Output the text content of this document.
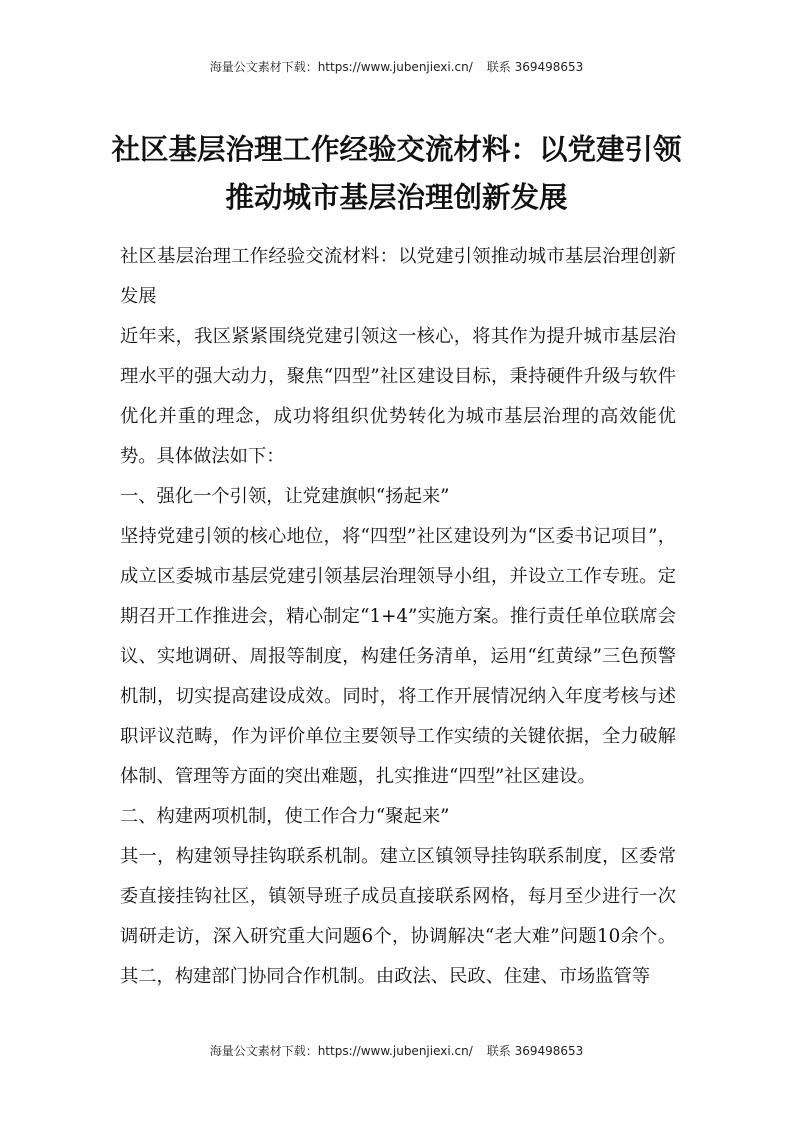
海量公文素材下载：https://www.jubenjiexi.cn/ 联系 369498653
社区基层治理工作经验交流材料：以党建引领推动城市基层治理创新发展

社区基层治理工作经验交流材料：以党建引领推动城市基层治理创新发展

近年来，我区紧紧围绕党建引领这一核心，将其作为提升城市基层治理水平的强大动力，聚焦“四型”社区建设目标，秉持硬件升级与软件优化并重的理念，成功将组织优势转化为城市基层治理的高效能优势。具体做法如下：

一、强化一个引领，让党建旗帜“扬起来”

坚持党建引领的核心地位，将“四型”社区建设列为“区委书记项目”，成立区委城市基层党建引领基层治理领导小组，并设立工作专班。定期召开工作推进会，精心制定“1+4”实施方案。推行责任单位联席会议、实地调研、周报等制度，构建任务清单，运用“红黄绿”三色预警机制，切实提高建设成效。同时，将工作开展情况纳入年度考核与述职评议范畴，作为评价单位主要领导工作实绩的关键依据，全力破解体制、管理等方面的突出难题，扎实推进“四型”社区建设。

二、构建两项机制，使工作合力“聚起来”

其一，构建领导挂钩联系机制。建立区镇领导挂钩联系制度，区委常委直接挂钩社区，镇领导班子成员直接联系网格，每月至少进行一次调研走访，深入研究重大问题6个，协调解决“老大难”问题10余个。其二，构建部门协同合作机制。由政法、民政、住建、市场监管等

海量公文素材下载：https://www.jubenjiexi.cn/ 联系 369498653
